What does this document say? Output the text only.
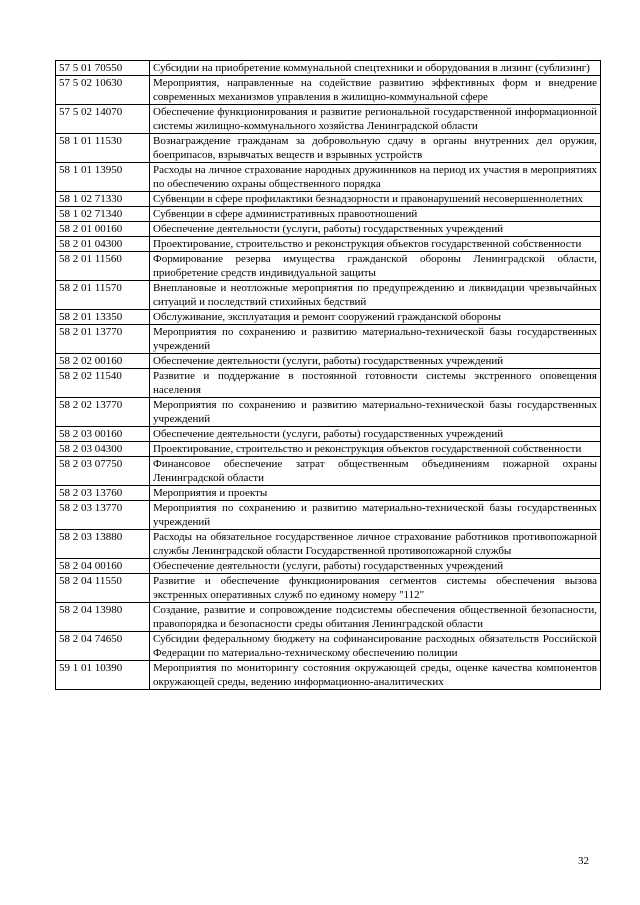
57 5 01 70550	Субсидии на приобретение коммунальной спецтехники и оборудования в лизинг (сублизинг)
57 5 02 10630	Мероприятия, направленные на содействие развитию эффективных форм и внедрение современных механизмов управления в жилищно-коммунальной сфере
57 5 02 14070	Обеспечение функционирования и развитие региональной государственной информационной системы жилищно-коммунального хозяйства Ленинградской области
58 1 01 11530	Вознаграждение гражданам за добровольную сдачу в органы внутренних дел оружия, боеприпасов, взрывчатых веществ и взрывных устройств
58 1 01 13950	Расходы на личное страхование народных дружинников на период их участия в мероприятиях по обеспечению охраны общественного порядка
58 1 02 71330	Субвенции в сфере профилактики безнадзорности и правонарушений несовершеннолетних
58 1 02 71340	Субвенции в сфере административных правоотношений
58 2 01 00160	Обеспечение деятельности (услуги, работы) государственных учреждений
58 2 01 04300	Проектирование, строительство и реконструкция объектов государственной собственности
58 2 01 11560	Формирование резерва имущества гражданской обороны Ленинградской области, приобретение средств индивидуальной защиты
58 2 01 11570	Внеплановые и неотложные мероприятия по предупреждению и ликвидации чрезвычайных ситуаций и последствий стихийных бедствий
58 2 01 13350	Обслуживание, эксплуатация и ремонт сооружений гражданской обороны
58 2 01 13770	Мероприятия по сохранению и развитию материально-технической базы государственных учреждений
58 2 02 00160	Обеспечение деятельности (услуги, работы) государственных учреждений
58 2 02 11540	Развитие и поддержание в постоянной готовности системы экстренного оповещения населения
58 2 02 13770	Мероприятия по сохранению и развитию материально-технической базы государственных учреждений
58 2 03 00160	Обеспечение деятельности (услуги, работы) государственных учреждений
58 2 03 04300	Проектирование, строительство и реконструкция объектов государственной собственности
58 2 03 07750	Финансовое обеспечение затрат общественным объединениям пожарной охраны Ленинградской области
58 2 03 13760	Мероприятия и проекты
58 2 03 13770	Мероприятия по сохранению и развитию материально-технической базы государственных учреждений
58 2 03 13880	Расходы на обязательное государственное личное страхование работников противопожарной службы Ленинградской области Государственной противопожарной службы
58 2 04 00160	Обеспечение деятельности (услуги, работы) государственных учреждений
58 2 04 11550	Развитие и обеспечение функционирования сегментов системы обеспечения вызова экстренных оперативных служб по единому номеру "112"
58 2 04 13980	Создание, развитие и сопровождение подсистемы обеспечения общественной безопасности, правопорядка и безопасности среды обитания Ленинградской области
58 2 04 74650	Субсидии федеральному бюджету на софинансирование расходных обязательств Российской Федерации по материально-техническому обеспечению полиции
59 1 01 10390	Мероприятия по мониторингу состояния окружающей среды, оценке качества компонентов окружающей среды, ведению информационно-аналитических
32
